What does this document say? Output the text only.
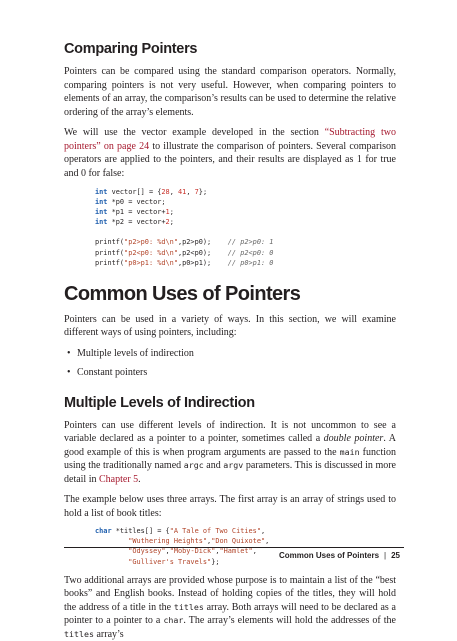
Comparing Pointers

Pointers can be compared using the standard comparison operators. Normally, comparing pointers is not very useful. However, when comparing pointers to elements of an array, the comparison’s results can be used to determine the relative ordering of the array’s elements.

We will use the vector example developed in the section “Subtracting two pointers” on page 24 to illustrate the comparison of pointers. Several comparison operators are applied to the pointers, and their results are displayed as 1 for true and 0 for false:

int vector[] = {28, 41, 7};
int *p0 = vector;
int *p1 = vector+1;
int *p2 = vector+2;

printf("p2>p0: %d\n",p2>p0);    // p2>p0: 1
printf("p2<p0: %d\n",p2<p0);    // p2<p0: 0
printf("p0>p1: %d\n",p0>p1);    // p0>p1: 0
Common Uses of Pointers

Pointers can be used in a variety of ways. In this section, we will examine different ways of using pointers, including:

• Multiple levels of indirection
• Constant pointers
Multiple Levels of Indirection

Pointers can use different levels of indirection. It is not uncommon to see a variable declared as a pointer to a pointer, sometimes called a double pointer. A good example of this is when program arguments are passed to the main function using the traditionally named argc and argv parameters. This is discussed in more detail in Chapter 5.

The example below uses three arrays. The first array is an array of strings used to hold a list of book titles:

char *titles[] = {"A Tale of Two Cities",
"Wuthering Heights","Don Quixote",
"Odyssey","Moby-Dick","Hamlet",
"Gulliver's Travels"};

Two additional arrays are provided whose purpose is to maintain a list of the “best books” and English books. Instead of holding copies of the titles, they will hold the address of a title in the titles array. Both arrays will need to be declared as a pointer to a pointer to a char. The array’s elements will hold the addresses of the titles array’s

Common Uses of Pointers | 25
